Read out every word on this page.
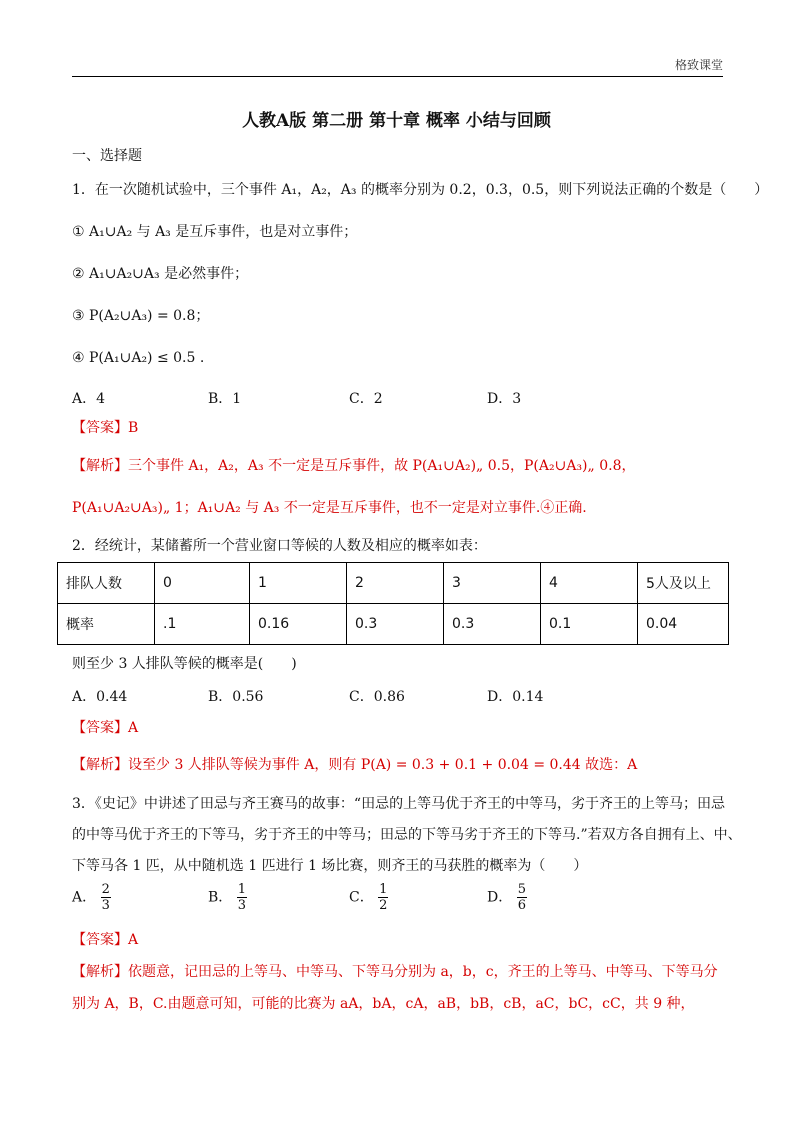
格致课堂
人教A版 第二册 第十章 概率 小结与回顾
一、选择题
1．在一次随机试验中，三个事件 A₁，A₂，A₃ 的概率分别为 0.2，0.3，0.5，则下列说法正确的个数是（　　）
① A₁∪A₂ 与 A₃ 是互斥事件，也是对立事件；
② A₁∪A₂∪A₃ 是必然事件；
③ P(A₂∪A₃) = 0.8；
④ P(A₁∪A₂) ≤ 0.5 .
A．4	B．1	C．2	D．3
【答案】B
【解析】三个事件 A₁，A₂，A₃ 不一定是互斥事件，故 P(A₁∪A₂)„ 0.5，P(A₂∪A₃)„ 0.8，
P(A₁∪A₂∪A₃)„ 1；A₁∪A₂ 与 A₃ 不一定是互斥事件，也不一定是对立事件.④正确.
2．经统计，某储蓄所一个营业窗口等候的人数及相应的概率如表：
排队人数	0	1	2	3	4	5人及以上
概率	.1	0.16	0.3	0.3	0.1	0.04
则至少 3 人排队等候的概率是(　　)
A．0.44	B．0.56	C．0.86	D．0.14
【答案】A
【解析】设至少 3 人排队等候为事件 A，则有 P(A) = 0.3 + 0.1 + 0.04 = 0.44 故选：A
3．《史记》中讲述了田忌与齐王赛马的故事：“田忌的上等马优于齐王的中等马，劣于齐王的上等马；田忌
的中等马优于齐王的下等马，劣于齐王的中等马；田忌的下等马劣于齐王的下等马.”若双方各自拥有上、中、
下等马各 1 匹，从中随机选 1 匹进行 1 场比赛，则齐王的马获胜的概率为（　　）
A． $\frac{2}{3}$	B． $\frac{1}{3}$	C． $\frac{1}{2}$	D． $\frac{5}{6}$
【答案】A
【解析】依题意，记田忌的上等马、中等马、下等马分别为 a，b，c，齐王的上等马、中等马、下等马分
别为 A，B，C.由题意可知，可能的比赛为 aA，bA，cA，aB，bB，cB，aC，bC，cC，共 9 种，
